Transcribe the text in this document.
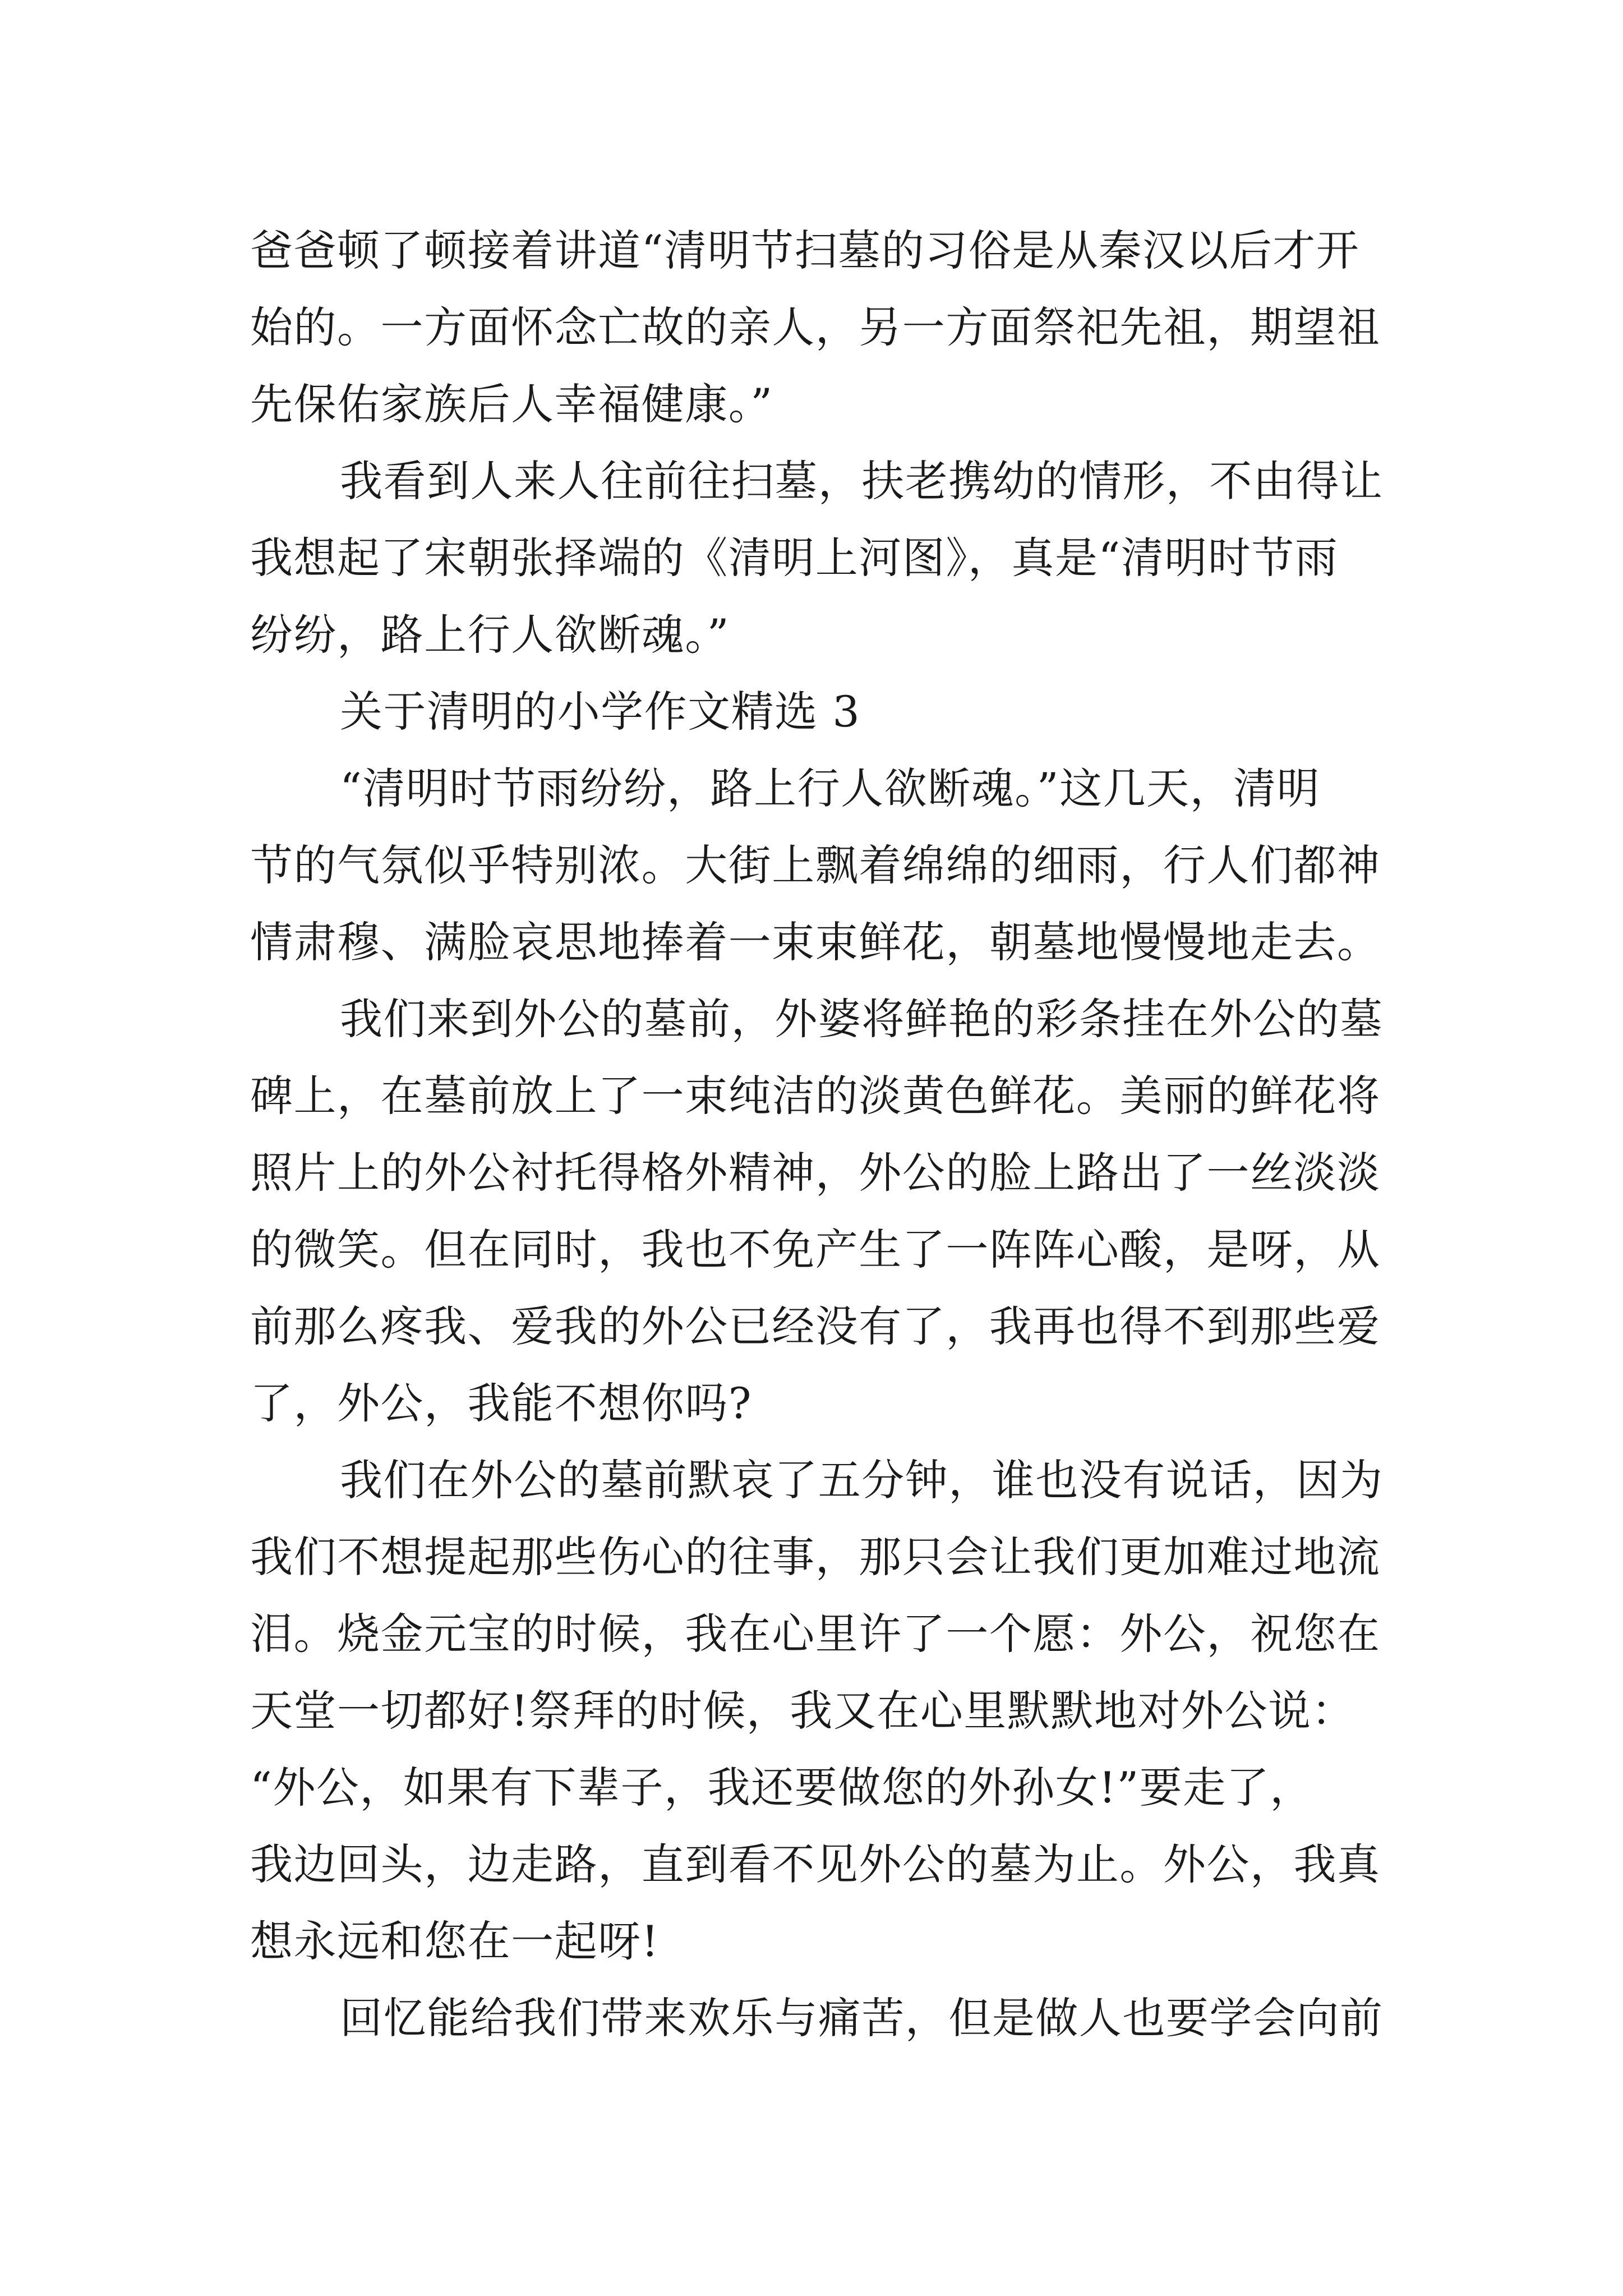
爸爸顿了顿接着讲道“清明节扫墓的习俗是从秦汉以后才开
始的。一方面怀念亡故的亲人，另一方面祭祀先祖，期望祖
先保佑家族后人幸福健康。”
我看到人来人往前往扫墓，扶老携幼的情形，不由得让
我想起了宋朝张择端的《清明上河图》，真是“清明时节雨
纷纷，路上行人欲断魂。”
关于清明的小学作文精选 3
“清明时节雨纷纷，路上行人欲断魂。”这几天，清明
节的气氛似乎特别浓。大街上飘着绵绵的细雨，行人们都神
情肃穆、满脸哀思地捧着一束束鲜花，朝墓地慢慢地走去。
我们来到外公的墓前，外婆将鲜艳的彩条挂在外公的墓
碑上，在墓前放上了一束纯洁的淡黄色鲜花。美丽的鲜花将
照片上的外公衬托得格外精神，外公的脸上路出了一丝淡淡
的微笑。但在同时，我也不免产生了一阵阵心酸，是呀，从
前那么疼我、爱我的外公已经没有了，我再也得不到那些爱
了，外公，我能不想你吗?
我们在外公的墓前默哀了五分钟，谁也没有说话，因为
我们不想提起那些伤心的往事，那只会让我们更加难过地流
泪。烧金元宝的时候，我在心里许了一个愿：外公，祝您在
天堂一切都好!祭拜的时候，我又在心里默默地对外公说：
“外公，如果有下辈子，我还要做您的外孙女!”要走了，
我边回头，边走路，直到看不见外公的墓为止。外公，我真
想永远和您在一起呀!
回忆能给我们带来欢乐与痛苦，但是做人也要学会向前
